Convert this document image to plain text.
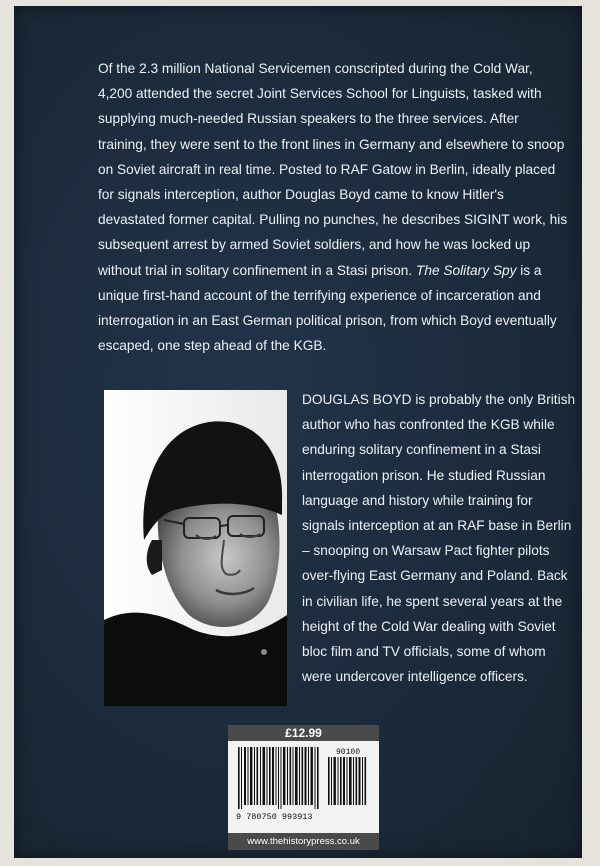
Of the 2.3 million National Servicemen conscripted during the Cold War, 4,200 attended the secret Joint Services School for Linguists, tasked with supplying much-needed Russian speakers to the three services. After training, they were sent to the front lines in Germany and elsewhere to snoop on Soviet aircraft in real time. Posted to RAF Gatow in Berlin, ideally placed for signals interception, author Douglas Boyd came to know Hitler's devastated former capital. Pulling no punches, he describes SIGINT work, his subsequent arrest by armed Soviet soldiers, and how he was locked up without trial in solitary confinement in a Stasi prison. The Solitary Spy is a unique first-hand account of the terrifying experience of incarceration and interrogation in an East German political prison, from which Boyd eventually escaped, one step ahead of the KGB.

DOUGLAS BOYD is probably the only British author who has confronted the KGB while enduring solitary confinement in a Stasi interrogation prison. He studied Russian language and history while training for signals interception at an RAF base in Berlin – snooping on Warsaw Pact fighter pilots over-flying East Germany and Poland. Back in civilian life, he spent several years at the height of the Cold War dealing with Soviet bloc film and TV officials, some of whom were undercover intelligence officers.

£12.99
9 780750 993913
90100
www.thehistorypress.co.uk
